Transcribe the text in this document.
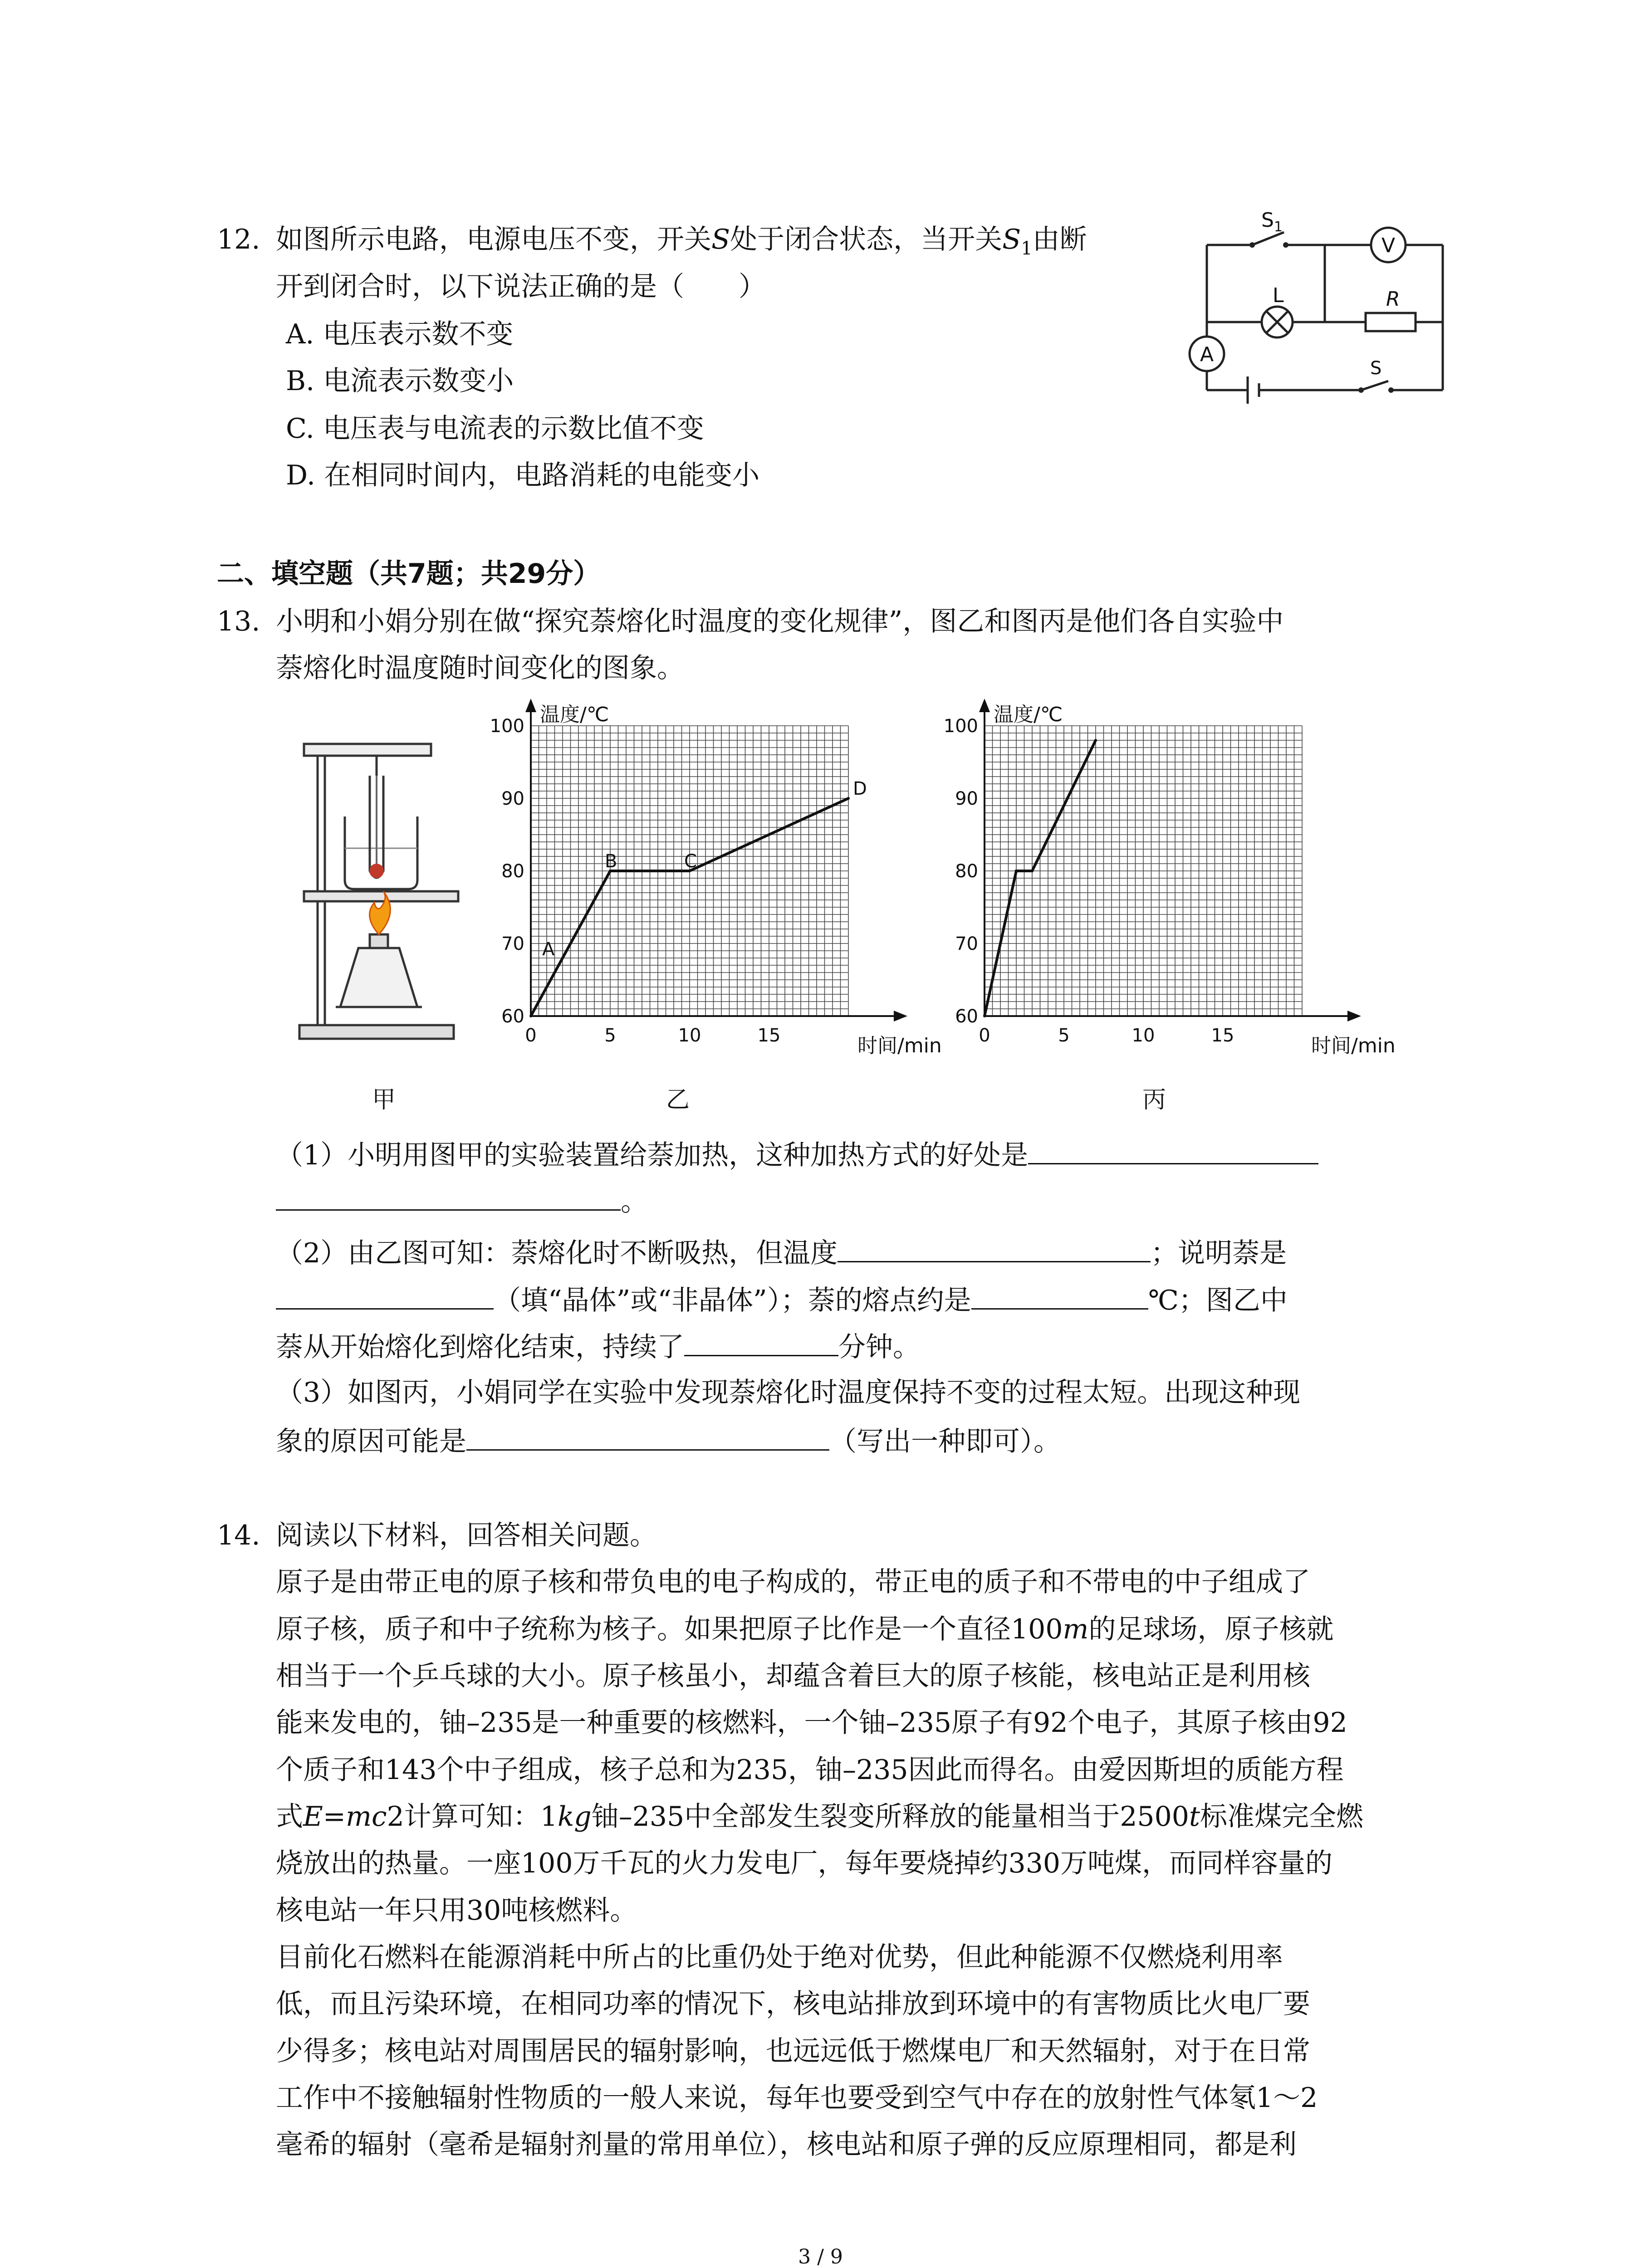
12. 如图所示电路，电源电压不变，开关S处于闭合状态，当开关$S_1$由断
开到闭合时，以下说法正确的是（　　）
A. 电压表示数不变
B. 电流表示数变小
C. 电压表与电流表的示数比值不变
D. 在相同时间内，电路消耗的电能变小
$S_1$
V
L	R
A
S
二、填空题（共7题；共29分）
13. 小明和小娟分别在做“探究萘熔化时温度的变化规律”，图乙和图丙是他们各自实验中
萘熔化时温度随时间变化的图象。
60
70
80
90
100
0	5	10	15
温度/℃
时间/min
A
B	C
D
60
70
80
90
100
0	5	10	15
温度/℃
时间/min
甲	乙	丙
（1）小明用图甲的实验装置给萘加热，这种加热方式的好处是
。
（2）由乙图可知：萘熔化时不断吸热，但温度	；说明萘是
（填“晶体”或“非晶体”）；萘的熔点约是	℃；图乙中
萘从开始熔化到熔化结束，持续了	分钟。
（3）如图丙，小娟同学在实验中发现萘熔化时温度保持不变的过程太短。出现这种现
象的原因可能是	（写出一种即可）。
14. 阅读以下材料，回答相关问题。
原子是由带正电的原子核和带负电的电子构成的，带正电的质子和不带电的中子组成了
原子核，质子和中子统称为核子。如果把原子比作是一个直径100m的足球场，原子核就
相当于一个乒乓球的大小。原子核虽小，却蕴含着巨大的原子核能，核电站正是利用核
能来发电的，铀–235是一种重要的核燃料，一个铀–235原子有92个电子，其原子核由92
个质子和143个中子组成，核子总和为235，铀–235因此而得名。由爱因斯坦的质能方程
式E=mc2计算可知：1kg铀–235中全部发生裂变所释放的能量相当于2500t标准煤完全燃
烧放出的热量。一座100万千瓦的火力发电厂，每年要烧掉约330万吨煤，而同样容量的
核电站一年只用30吨核燃料。
目前化石燃料在能源消耗中所占的比重仍处于绝对优势，但此种能源不仅燃烧利用率
低，而且污染环境，在相同功率的情况下，核电站排放到环境中的有害物质比火电厂要
少得多；核电站对周围居民的辐射影响，也远远低于燃煤电厂和天然辐射，对于在日常
工作中不接触辐射性物质的一般人来说，每年也要受到空气中存在的放射性气体氡1～2
毫希的辐射（毫希是辐射剂量的常用单位），核电站和原子弹的反应原理相同，都是利
3 / 9
